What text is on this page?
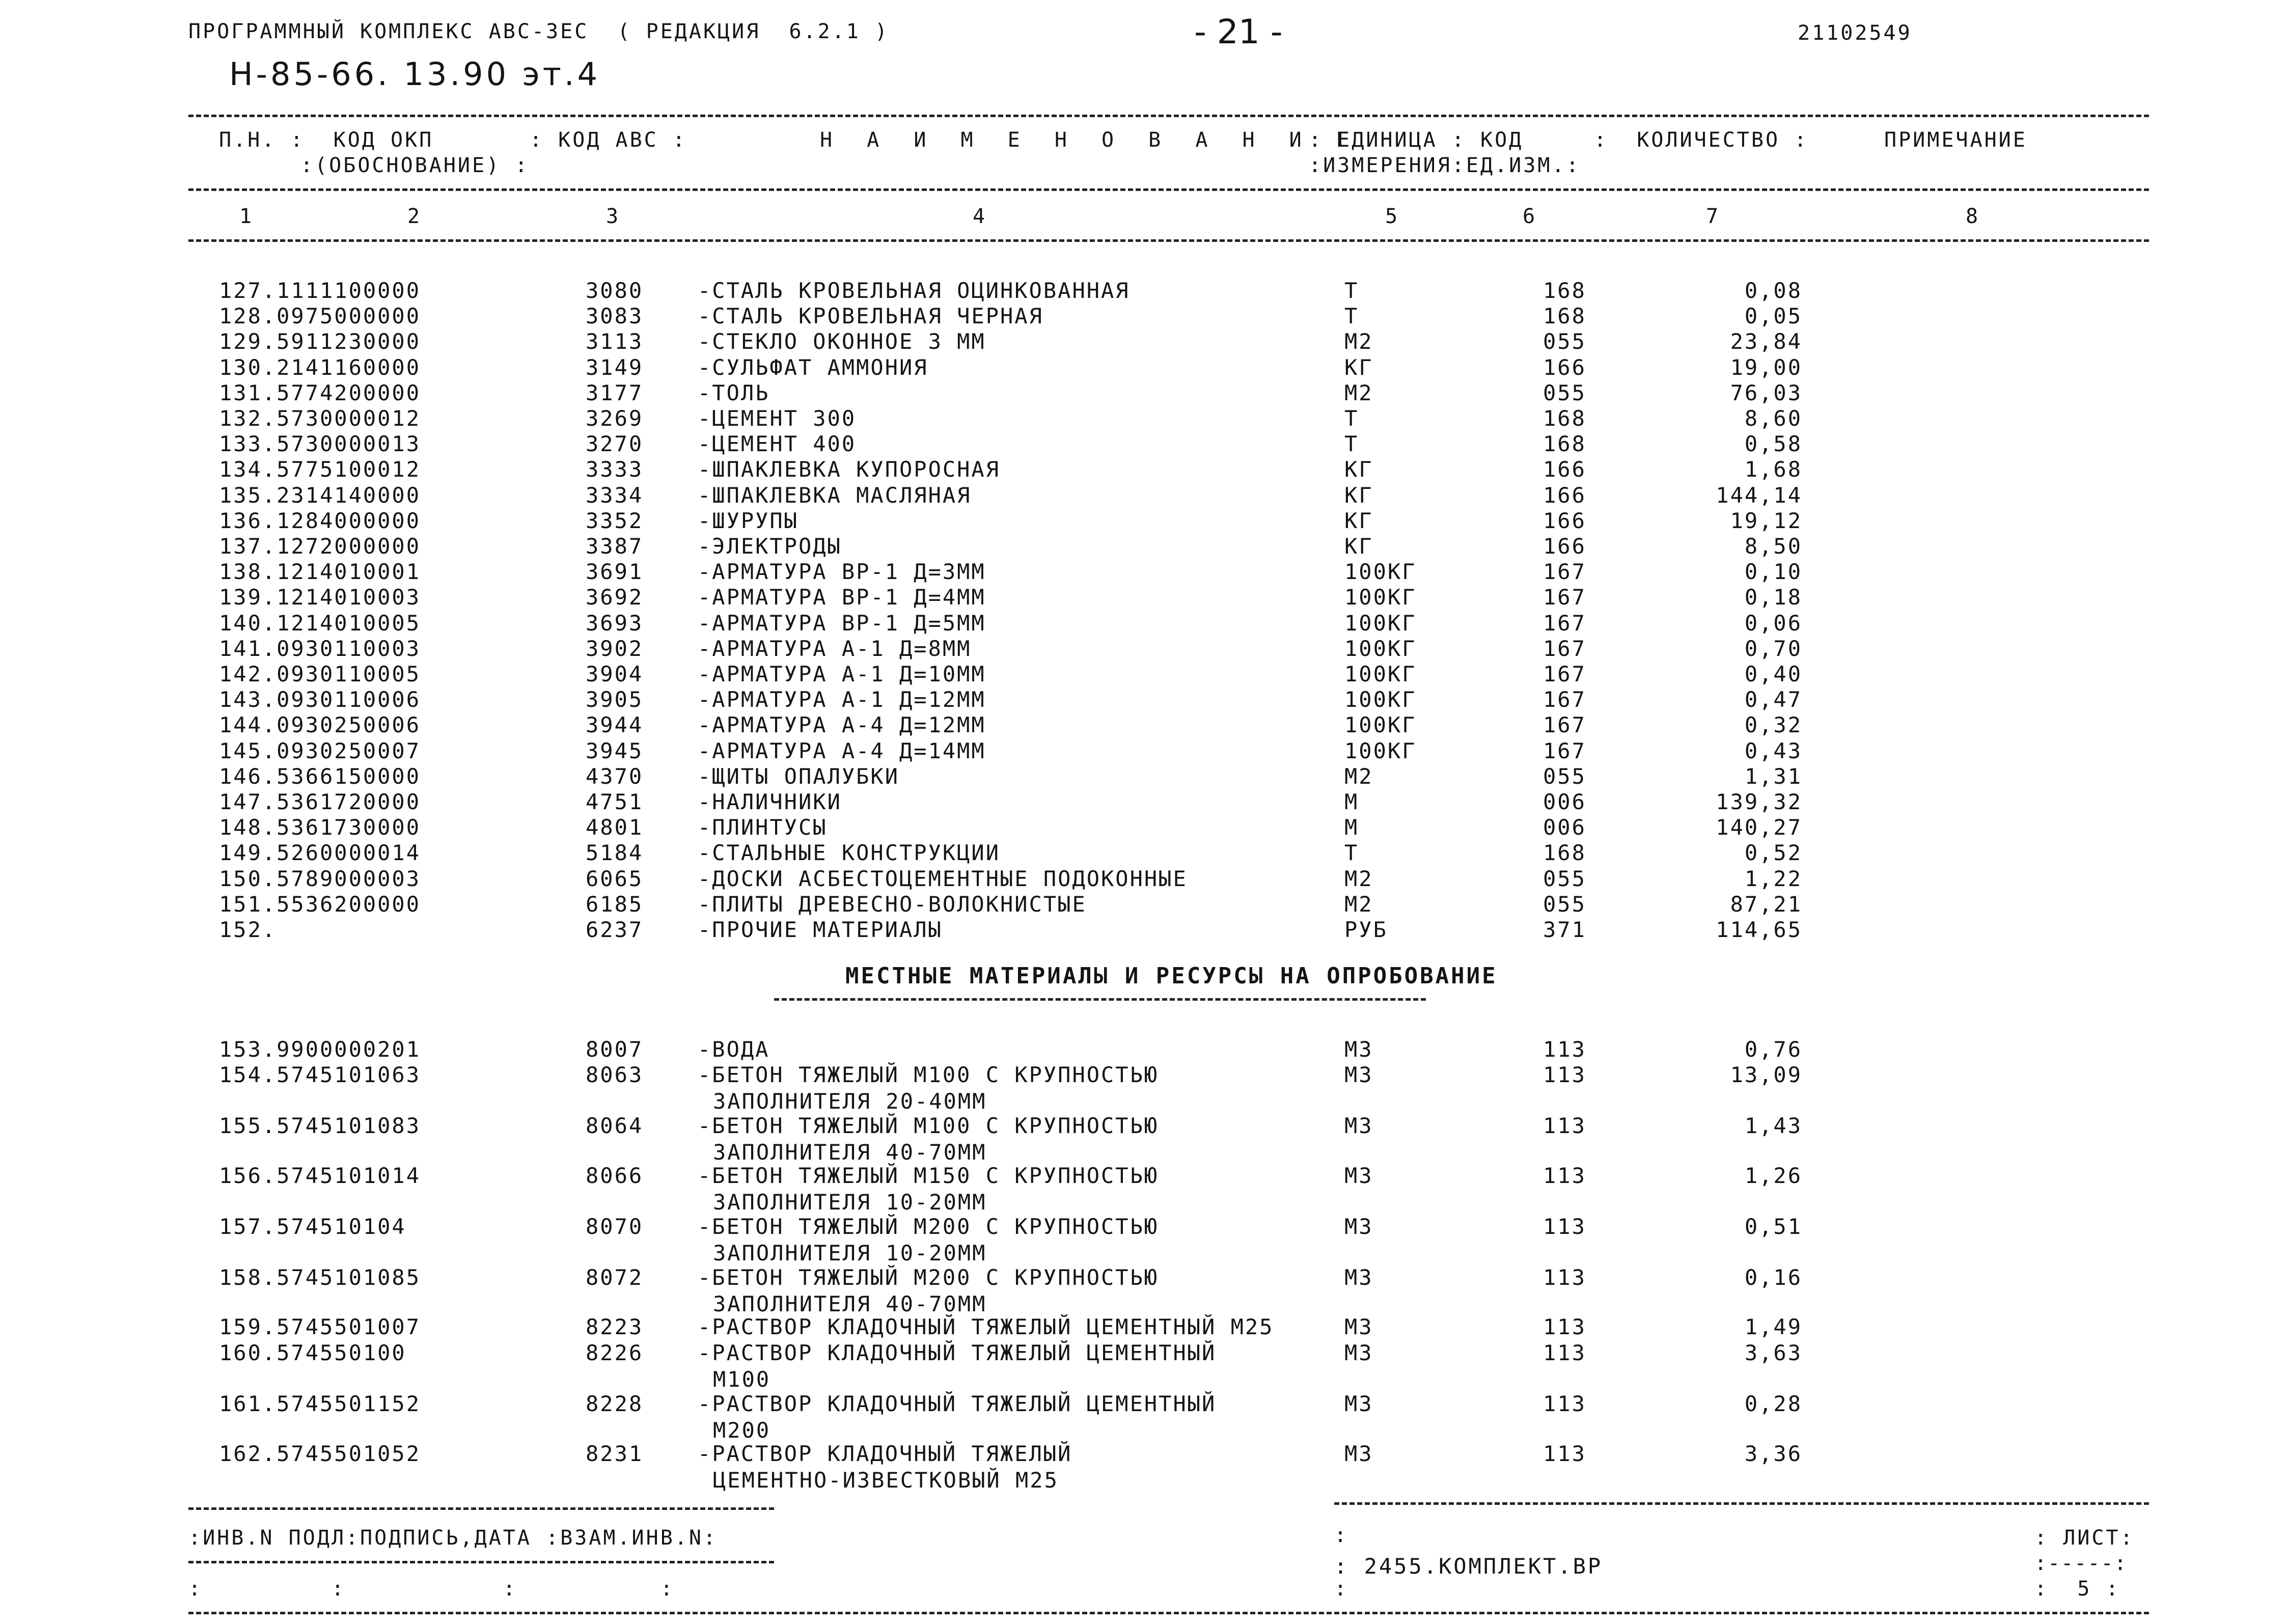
ПРОГРАММНЫЙ КОМПЛЕКС АВС-3ЕС  ( РЕДАКЦИЯ  6.2.1 )	- 21 -	21102549
Н-85-66. 13.90 эт.4
П.Н. :  КОД ОКП
:(ОБОСНОВАНИЕ) :
: КОД АВС :	Н А И М Е Н О В А Н И Е
: ЕДИНИЦА : КОД
:ИЗМЕРЕНИЯ:ЕД.ИЗМ.:
:  КОЛИЧЕСТВО :	ПРИМЕЧАНИЕ
1	2	3	4	5	6	7	8
127.1111100000	3080	-СТАЛЬ КРОВЕЛЬНАЯ ОЦИНКОВАННАЯ	Т	168	0,08
128.0975000000	3083	-СТАЛЬ КРОВЕЛЬНАЯ ЧЕРНАЯ	Т	168	0,05
129.5911230000	3113	-СТЕКЛО ОКОННОЕ 3 ММ	М2	055	23,84
130.2141160000	3149	-СУЛЬФАТ АММОНИЯ	КГ	166	19,00
131.5774200000	3177	-ТОЛЬ	М2	055	76,03
132.5730000012	3269	-ЦЕМЕНТ 300	Т	168	8,60
133.5730000013	3270	-ЦЕМЕНТ 400	Т	168	0,58
134.5775100012	3333	-ШПАКЛЕВКА КУПОРОСНАЯ	КГ	166	1,68
135.2314140000	3334	-ШПАКЛЕВКА МАСЛЯНАЯ	КГ	166	144,14
136.1284000000	3352	-ШУРУПЫ	КГ	166	19,12
137.1272000000	3387	-ЭЛЕКТРОДЫ	КГ	166	8,50
138.1214010001	3691	-АРМАТУРА ВР-1 Д=3ММ	100КГ	167	0,10
139.1214010003	3692	-АРМАТУРА ВР-1 Д=4ММ	100КГ	167	0,18
140.1214010005	3693	-АРМАТУРА ВР-1 Д=5ММ	100КГ	167	0,06
141.0930110003	3902	-АРМАТУРА А-1 Д=8ММ	100КГ	167	0,70
142.0930110005	3904	-АРМАТУРА А-1 Д=10ММ	100КГ	167	0,40
143.0930110006	3905	-АРМАТУРА А-1 Д=12ММ	100КГ	167	0,47
144.0930250006	3944	-АРМАТУРА А-4 Д=12ММ	100КГ	167	0,32
145.0930250007	3945	-АРМАТУРА А-4 Д=14ММ	100КГ	167	0,43
146.5366150000	4370	-ЩИТЫ ОПАЛУБКИ	М2	055	1,31
147.5361720000	4751	-НАЛИЧНИКИ	М	006	139,32
148.5361730000	4801	-ПЛИНТУСЫ	М	006	140,27
149.5260000014	5184	-СТАЛЬНЫЕ КОНСТРУКЦИИ	Т	168	0,52
150.5789000003	6065	-ДОСКИ АСБЕСТОЦЕМЕНТНЫЕ ПОДОКОННЫЕ	М2	055	1,22
151.5536200000	6185	-ПЛИТЫ ДРЕВЕСНО-ВОЛОКНИСТЫЕ	М2	055	87,21
152.	6237	-ПРОЧИЕ МАТЕРИАЛЫ	РУБ	371	114,65
МЕСТНЫЕ МАТЕРИАЛЫ И РЕСУРСЫ НА ОПРОБОВАНИЕ
153.9900000201	8007	-ВОДА	М3	113	0,76
154.5745101063	8063	-БЕТОН ТЯЖЕЛЫЙ М100 С КРУПНОСТЬЮ	М3	113	13,09
ЗАПОЛНИТЕЛЯ 20-40ММ
155.5745101083	8064	-БЕТОН ТЯЖЕЛЫЙ М100 С КРУПНОСТЬЮ	М3	113	1,43
ЗАПОЛНИТЕЛЯ 40-70ММ
156.5745101014	8066	-БЕТОН ТЯЖЕЛЫЙ М150 С КРУПНОСТЬЮ	М3	113	1,26
ЗАПОЛНИТЕЛЯ 10-20ММ
157.574510104	8070	-БЕТОН ТЯЖЕЛЫЙ М200 С КРУПНОСТЬЮ	М3	113	0,51
ЗАПОЛНИТЕЛЯ 10-20ММ
158.5745101085	8072	-БЕТОН ТЯЖЕЛЫЙ М200 С КРУПНОСТЬЮ	М3	113	0,16
ЗАПОЛНИТЕЛЯ 40-70ММ
159.5745501007	8223	-РАСТВОР КЛАДОЧНЫЙ ТЯЖЕЛЫЙ ЦЕМЕНТНЫЙ М25	М3	113	1,49
160.574550100	8226	-РАСТВОР КЛАДОЧНЫЙ ТЯЖЕЛЫЙ ЦЕМЕНТНЫЙ	М3	113	3,63
М100
161.5745501152	8228	-РАСТВОР КЛАДОЧНЫЙ ТЯЖЕЛЫЙ ЦЕМЕНТНЫЙ	М3	113	0,28
М200
162.5745501052	8231	-РАСТВОР КЛАДОЧНЫЙ ТЯЖЕЛЫЙ	М3	113	3,36
ЦЕМЕНТНО-ИЗВЕСТКОВЫЙ М25
:ИНВ.N ПОДЛ:ПОДПИСЬ,ДАТА :ВЗАМ.ИНВ.N:
:         :           :          :
:
: 2455.КОМПЛЕКТ.ВР
:
: ЛИСТ:
:-----:
:  5 :
